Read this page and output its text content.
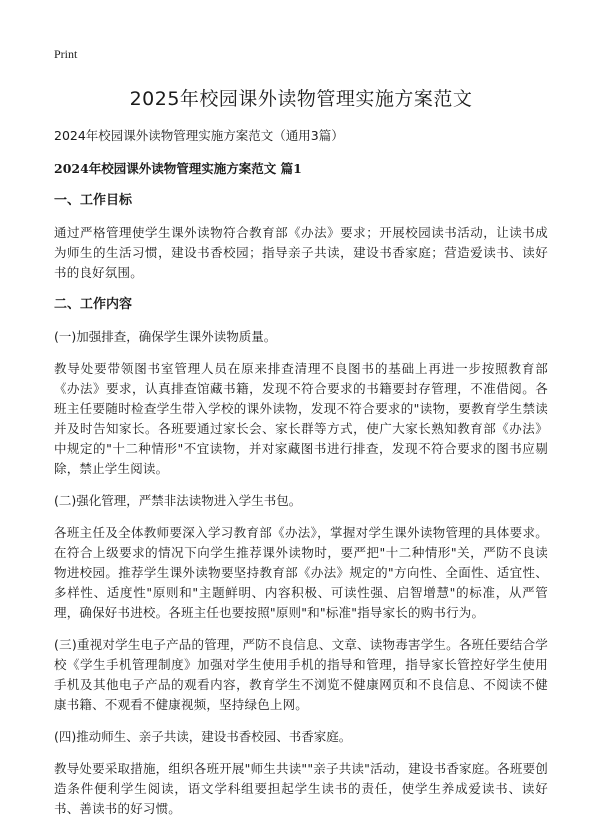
Print
2025年校园课外读物管理实施方案范文
2024年校园课外读物管理实施方案范文（通用3篇）
2024年校园课外读物管理实施方案范文 篇1
一、工作目标
通过严格管理使学生课外读物符合教育部《办法》要求；开展校园读书活动，让读书成为师生的生活习惯，建设书香校园；指导亲子共读，建设书香家庭；营造爱读书、读好书的良好氛围。
二、工作内容
(一)加强排查，确保学生课外读物质量。
教导处要带领图书室管理人员在原来排查清理不良图书的基础上再进一步按照教育部《办法》要求，认真排查馆藏书籍，发现不符合要求的书籍要封存管理，不准借阅。各班主任要随时检查学生带入学校的课外读物，发现不符合要求的"读物，要教育学生禁读并及时告知家长。各班要通过家长会、家长群等方式，使广大家长熟知教育部《办法》中规定的"十二种情形"不宜读物，并对家藏图书进行排查，发现不符合要求的图书应剔除，禁止学生阅读。
(二)强化管理，严禁非法读物进入学生书包。
各班主任及全体教师要深入学习教育部《办法》，掌握对学生课外读物管理的具体要求。在符合上级要求的情况下向学生推荐课外读物时，要严把"十二种情形"关，严防不良读物进校园。推荐学生课外读物要坚持教育部《办法》规定的"方向性、全面性、适宜性、多样性、适度性"原则和"主题鲜明、内容积极、可读性强、启智增慧"的标准，从严管理，确保好书进校。各班主任也要按照"原则"和"标准"指导家长的购书行为。
(三)重视对学生电子产品的管理，严防不良信息、文章、读物毒害学生。各班任要结合学校《学生手机管理制度》加强对学生使用手机的指导和管理，指导家长管控好学生使用手机及其他电子产品的观看内容，教育学生不浏览不健康网页和不良信息、不阅读不健康书籍、不观看不健康视频，坚持绿色上网。
(四)推动师生、亲子共读，建设书香校园、书香家庭。
教导处要采取措施，组织各班开展"师生共读""亲子共读"活动，建设书香家庭。各班要创造条件便利学生阅读，语文学科组要担起学生读书的责任，使学生养成爱读书、读好书、善读书的好习惯。
